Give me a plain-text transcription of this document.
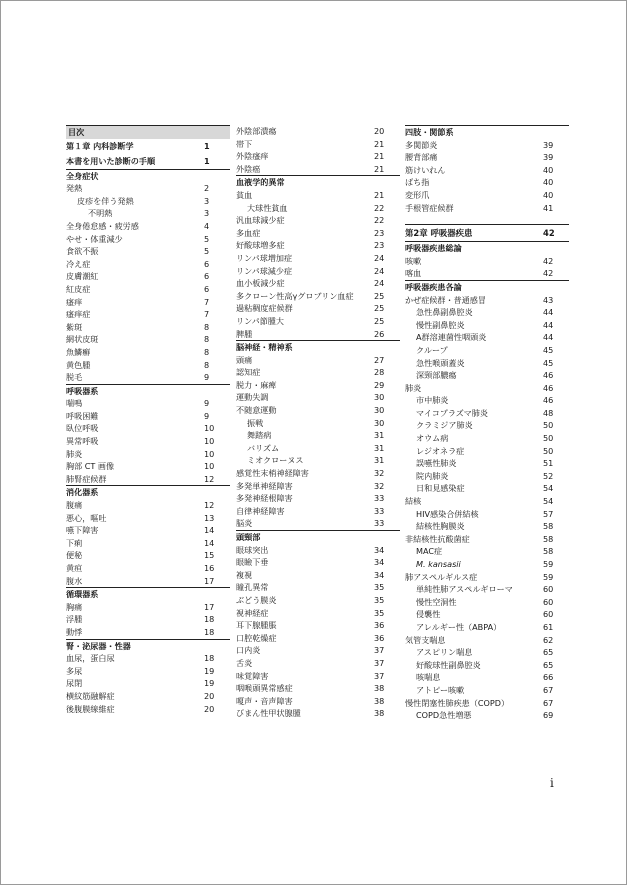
目次
第１章 内科診断学	1
本書を用いた診断の手順	1
全身症状
発熱	2
皮疹を伴う発熱	3
不明熱	3
全身倦怠感・疲労感	4
やせ・体重減少	5
食欲不振	5
冷え症	6
皮膚潮紅	6
紅皮症	6
瘙痒	7
瘙痒症	7
紫斑	8
網状皮斑	8
魚鱗癬	8
黄色腫	8
脱毛	9
呼吸器系
喘鳴	9
呼吸困難	9
臥位呼吸	10
異常呼吸	10
肺炎	10
胸部 CT 画像	10
肺腎症候群	12
消化器系
腹痛	12
悪心，嘔吐	13
嚥下障害	14
下痢	14
便秘	15
黄疸	16
腹水	17
循環器系
胸痛	17
浮腫	18
動悸	18
腎・泌尿器・性器
血尿，蛋白尿	18
多尿	19
尿閉	19
横紋筋融解症	20
後腹膜線維症	20
外陰部潰瘍	20
帯下	21
外陰瘙痒	21
外陰癌	21
血液学的異常
貧血	21
大球性貧血	22
汎血球減少症	22
多血症	23
好酸球増多症	23
リンパ球増加症	24
リンパ球減少症	24
血小板減少症	24
多クローン性高γグロブリン血症	25
過粘稠度症候群	25
リンパ節腫大	25
脾腫	26
脳神経・精神系
頭痛	27
認知症	28
脱力・麻痺	29
運動失調	30
不随意運動	30
振戦	30
舞踏病	31
バリズム	31
ミオクローヌス	31
感覚性末梢神経障害	32
多発単神経障害	32
多発神経根障害	33
自律神経障害	33
脳炎	33
頭頸部
眼球突出	34
眼瞼下垂	34
複視	34
瞳孔異常	35
ぶどう膜炎	35
視神経症	35
耳下腺腫脹	36
口腔乾燥症	36
口内炎	37
舌炎	37
味覚障害	37
咽喉頭異常感症	38
嗄声・音声障害	38
びまん性甲状腺腫	38
四肢・関節系
多関節炎	39
腰背部痛	39
筋けいれん	40
ばち指	40
変形爪	40
手根管症候群	41
第2章 呼吸器疾患	42
呼吸器疾患総論
咳嗽	42
喀血	42
呼吸器疾患各論
かぜ症候群・普通感冒	43
急性鼻副鼻腔炎	44
慢性副鼻腔炎	44
A群溶連菌性咽頭炎	44
クループ	45
急性喉頭蓋炎	45
深頸部膿瘍	46
肺炎	46
市中肺炎	46
マイコプラズマ肺炎	48
クラミジア肺炎	50
オウム病	50
レジオネラ症	50
誤嚥性肺炎	51
院内肺炎	52
日和見感染症	54
結核	54
HIV感染合併結核	57
結核性胸膜炎	58
非結核性抗酸菌症	58
MAC症	58
M. kansasii	59
肺アスペルギルス症	59
単純性肺アスペルギローマ	60
慢性空洞性	60
侵襲性	60
アレルギー性（ABPA）	61
気管支喘息	62
アスピリン喘息	65
好酸球性副鼻腔炎	65
咳喘息	66
アトピー咳嗽	67
慢性閉塞性肺疾患（COPD）	67
COPD急性増悪	69
i
